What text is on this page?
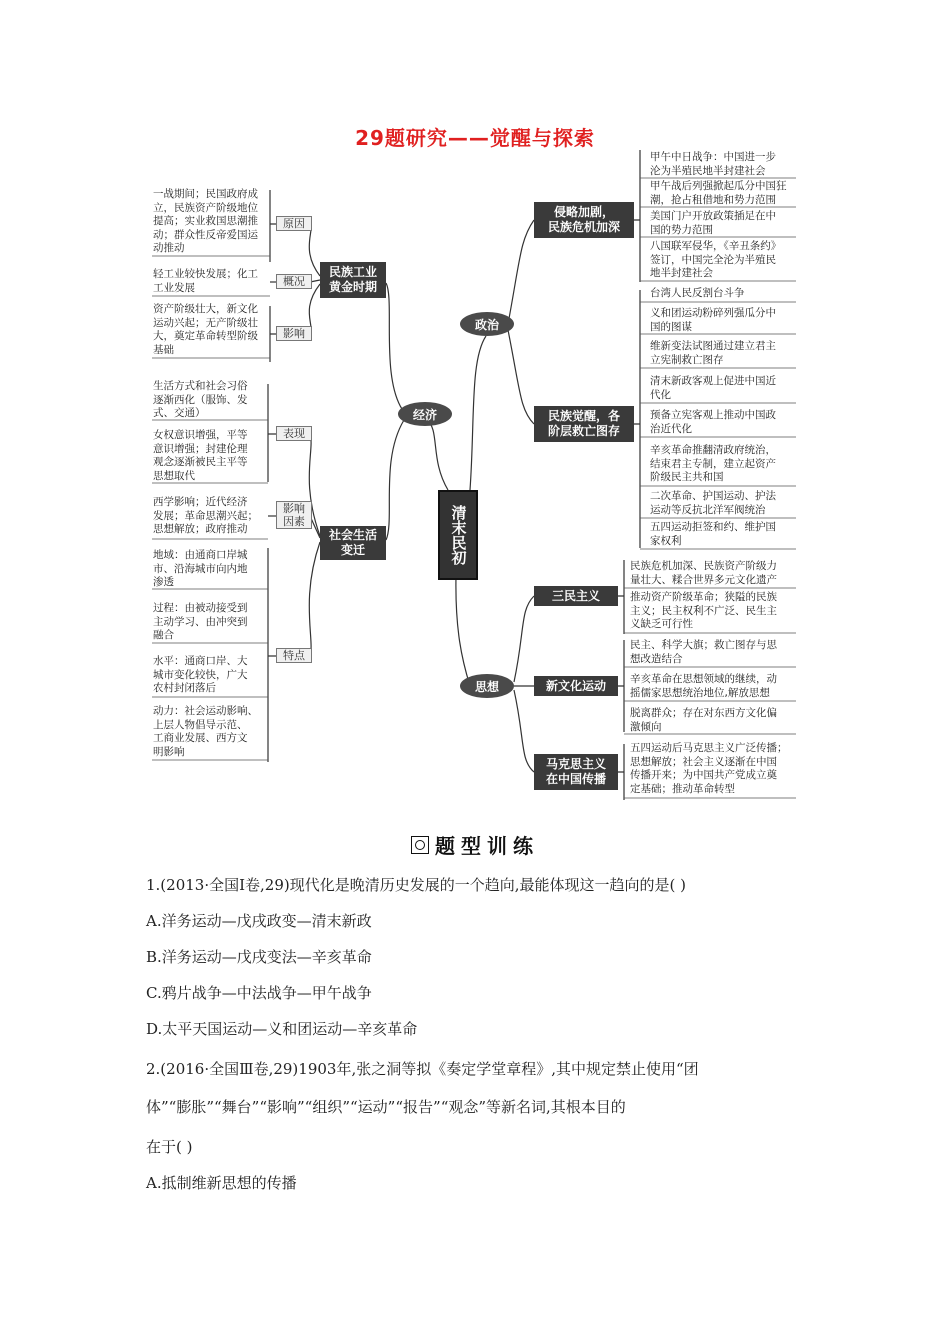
29题研究——觉醒与探索
清末民初
经济
政治
思想
民族工业
黄金时期
原因
概况
影响
一战期间；民国政府成
立，民族资产阶级地位
提高；实业救国思潮推
动；群众性反帝爱国运
动推动
轻工业较快发展；化工
工业发展
资产阶级壮大，新文化
运动兴起；无产阶级壮
大，奠定革命转型阶级
基础
社会生活
变迁
表现
影响
因素
特点
生活方式和社会习俗
逐渐西化（服饰、发
式、交通）
女权意识增强，平等
意识增强；封建伦理
观念逐渐被民主平等
思想取代
西学影响；近代经济
发展；革命思潮兴起；
思想解放；政府推动
地域：由通商口岸城
市、沿海城市向内地
渗透
过程：由被动接受到
主动学习、由冲突到
融合
水平：通商口岸、大
城市变化较快，广大
农村封闭落后
动力：社会运动影响、
上层人物倡导示范、
工商业发展、西方文
明影响
侵略加剧，
民族危机加深
民族觉醒，各
阶层救亡图存
甲午中日战争：中国进一步
沦为半殖民地半封建社会
甲午战后列强掀起瓜分中国狂
潮，抢占租借地和势力范围
美国门户开放政策插足在中
国的势力范围
八国联军侵华，《辛丑条约》
签订，中国完全沦为半殖民
地半封建社会
台湾人民反割台斗争
义和团运动粉碎列强瓜分中
国的图谋
维新变法试图通过建立君主
立宪制救亡图存
清末新政客观上促进中国近
代化
预备立宪客观上推动中国政
治近代化
辛亥革命推翻清政府统治，
结束君主专制，建立起资产
阶级民主共和国
二次革命、护国运动、护法
运动等反抗北洋军阀统治
五四运动拒签和约、维护国
家权利
三民主义
新文化运动
马克思主义
在中国传播
民族危机加深、民族资产阶级力
量壮大、糅合世界多元文化遗产
推动资产阶级革命；狭隘的民族
主义；民主权利不广泛、民生主
义缺乏可行性
民主、科学大旗；救亡图存与思
想改造结合
辛亥革命在思想领域的继续，动
摇儒家思想统治地位,解放思想
脱离群众；存在对东西方文化偏
激倾向
五四运动后马克思主义广泛传播；
思想解放；社会主义逐渐在中国
传播开来；为中国共产党成立奠
定基础；推动革命转型
题型训练
1.(2013·全国Ⅰ卷,29)现代化是晚清历史发展的一个趋向,最能体现这一趋向的是( )
A.洋务运动—戊戌政变—清末新政
B.洋务运动—戊戌变法—辛亥革命
C.鸦片战争—中法战争—甲午战争
D.太平天国运动—义和团运动—辛亥革命
2.(2016·全国Ⅲ卷,29)1903年,张之洞等拟《奏定学堂章程》,其中规定禁止使用“团
体”“膨胀”“舞台”“影响”“组织”“运动”“报告”“观念”等新名词,其根本目的
在于( )
A.抵制维新思想的传播
